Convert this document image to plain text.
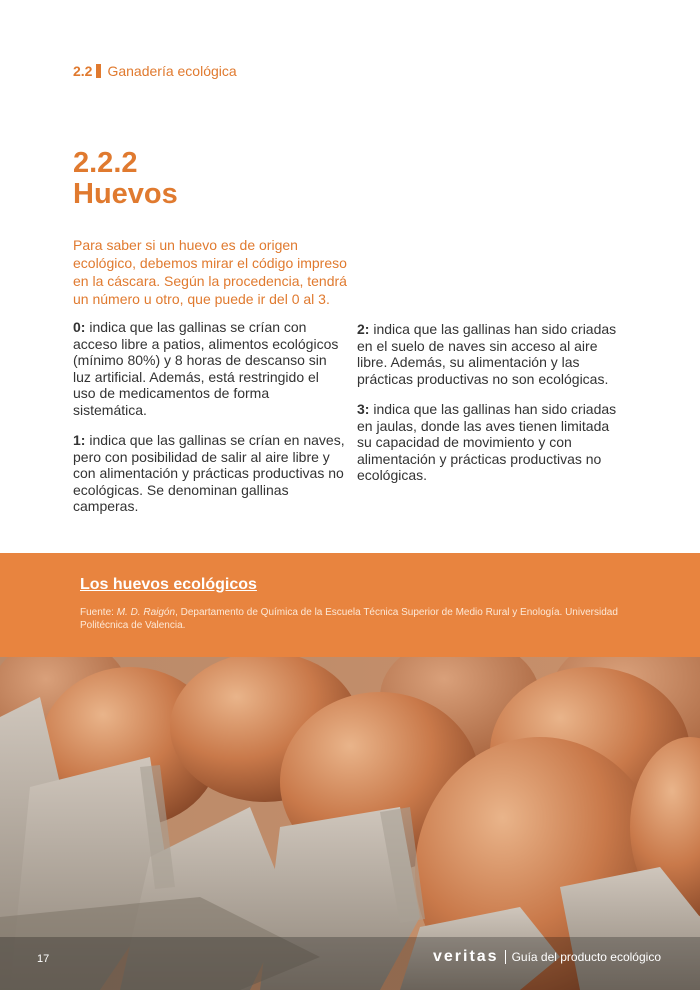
2.2 Ganadería ecológica
2.2.2
Huevos
Para saber si un huevo es de origen ecológico, debemos mirar el código impreso en la cáscara. Según la procedencia, tendrá un número u otro, que puede ir del 0 al 3.

0: indica que las gallinas se crían con acceso libre a patios, alimentos ecológicos (mínimo 80%) y 8 horas de descanso sin luz artificial. Además, está restringido el uso de medicamentos de forma sistemática.

1: indica que las gallinas se crían en naves, pero con posibilidad de salir al aire libre y con alimentación y prácticas productivas no ecológicas. Se denominan gallinas camperas.

2: indica que las gallinas han sido criadas en el suelo de naves sin acceso al aire libre. Además, su alimentación y las prácticas productivas no son ecológicas.

3: indica que las gallinas han sido criadas en jaulas, donde las aves tienen limitada su capacidad de movimiento y con alimentación y prácticas productivas no ecológicas.

Los huevos ecológicos
Fuente: M. D. Raigón, Departamento de Química de la Escuela Técnica Superior de Medio Rural y Enología. Universidad Politécnica de Valencia.
17	veritas Guía del producto ecológico
